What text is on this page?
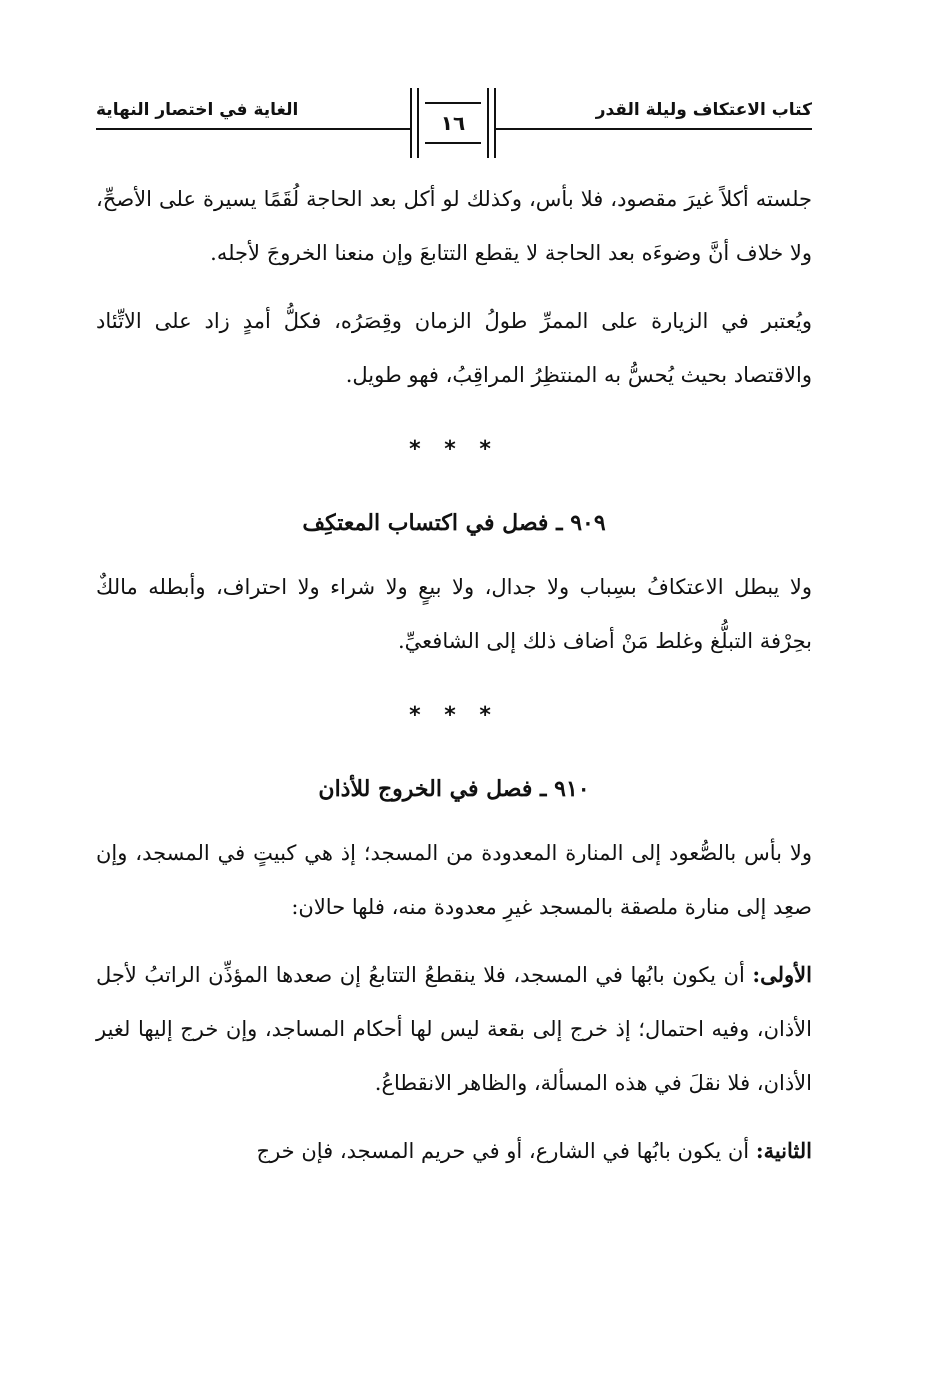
كتاب الاعتكاف وليلة القدر
الغاية في اختصار النهاية
١٦

جلسته أكلاً غيرَ مقصود، فلا بأس، وكذلك لو أكل بعد الحاجة لُقَمًا يسيرة على الأصحِّ، ولا خلاف أنَّ وضوءَه بعد الحاجة لا يقطع التتابعَ وإن منعنا الخروجَ لأجله.

ويُعتبر في الزيارة على الممرِّ طولُ الزمان وقِصَرُه، فكلُّ أمدٍ زاد على الاتِّئاد والاقتصاد بحيث يُحسُّ به المنتظِرُ المراقِبُ، فهو طويل.

* * *
٩٠٩ ـ فصل في اكتساب المعتكِف

ولا يبطل الاعتكافُ بسِباب ولا جدال، ولا بيعٍ ولا شراء ولا احتراف، وأبطله مالكٌ بحِرْفة التبلُّغ وغلط مَنْ أضاف ذلك إلى الشافعيِّ.

* * *
٩١٠ ـ فصل في الخروج للأذان

ولا بأس بالصُّعود إلى المنارة المعدودة من المسجد؛ إذ هي كبيتٍ في المسجد، وإن صعِد إلى منارة ملصقة بالمسجد غيرِ معدودة منه، فلها حالان:

الأولى: أن يكون بابُها في المسجد، فلا ينقطعُ التتابعُ إن صعدها المؤذِّن الراتبُ لأجل الأذان، وفيه احتمال؛ إذ خرج إلى بقعة ليس لها أحكام المساجد، وإن خرج إليها لغير الأذان، فلا نقلَ في هذه المسألة، والظاهر الانقطاعُ.

الثانية: أن يكون بابُها في الشارع، أو في حريم المسجد، فإن خرج
